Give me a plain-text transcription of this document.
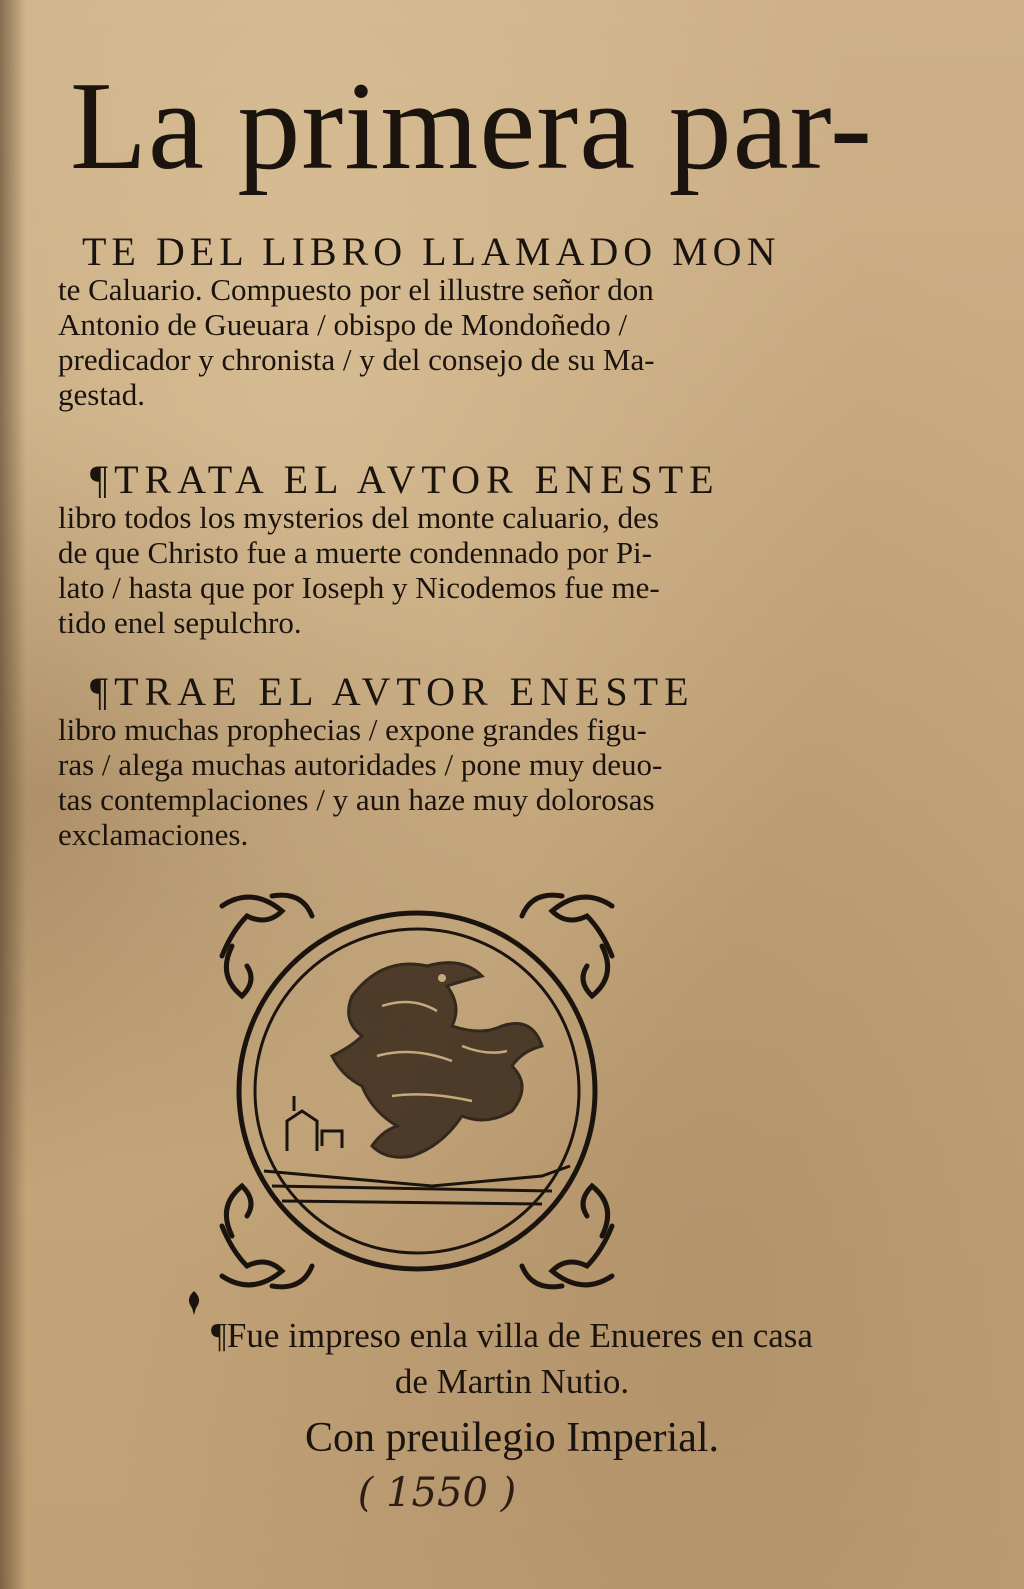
La primera par-
TE DEL LIBRO LLAMADO MON
te Caluario. Compuesto por el illustre señor don
Antonio de Gueuara / obispo de Mondoñedo /
predicador y chronista / y del consejo de su Ma-
gestad.
¶TRATA EL AVTOR ENESTE
libro todos los mysterios del monte caluario, des
de que Christo fue a muerte condennado por Pi-
lato / hasta que por Ioseph y Nicodemos fue me-
tido enel sepulchro.
¶TRAE EL AVTOR ENESTE
libro muchas prophecias / expone grandes figu-
ras / alega muchas autoridades / pone muy deuo-
tas contemplaciones / y aun haze muy dolorosas
exclamaciones.
¶Fue impreso enla villa de Enueres en casa
de Martin Nutio.
Con preuilegio Imperial.
( 1550 )
